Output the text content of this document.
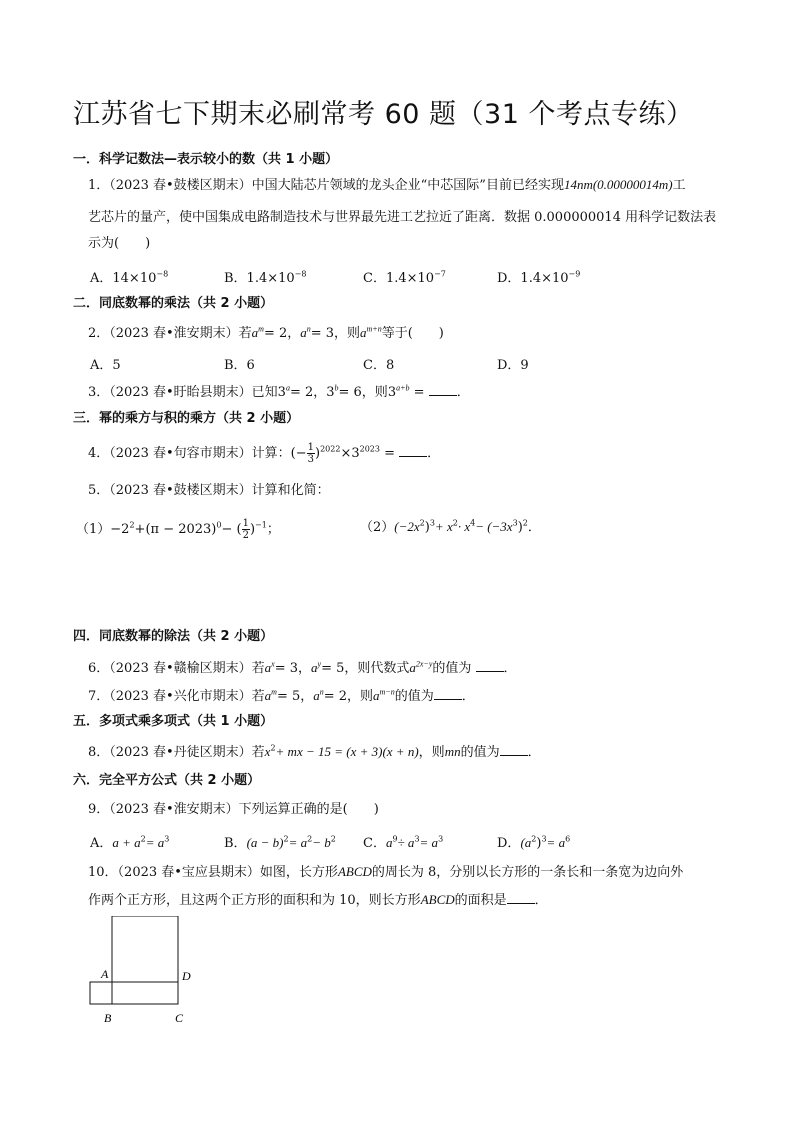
江苏省七下期末必刷常考 60 题（31 个考点专练）
一．科学记数法—表示较小的数（共 1 小题）
1．（2023 春•鼓楼区期末）中国大陆芯片领域的龙头企业“中芯国际”目前已经实现14nm(0.00000014m)工
艺芯片的量产，使中国集成电路制造技术与世界最先进工艺拉近了距离．数据 0.000000014 用科学记数法表
示为(　　)
A．$14\times 10^{-8}$	B．$1.4\times 10^{-8}$	C．$1.4\times 10^{-7}$	D．$1.4\times 10^{-9}$
二．同底数幂的乘法（共 2 小题）
2．（2023 春•淮安期末）若$a^m= 2$，$a^n= 3$，则$a^{m+n}$等于(　　)
A．5	B．6	C．8	D．9
3．（2023 春•盱眙县期末）已知$3^a= 2$，$3^b= 6$，则$3^{a+b}$ = ．
三．幂的乘方与积的乘方（共 2 小题）
4．（2023 春•句容市期末）计算：(− $\frac{1}{3} )^{2022}\times 3^{2023}$ = ．
5．（2023 春•鼓楼区期末）计算和化简：
$(1)-2^2+(\pi - 2023)^0-$ ( $\frac{1}{2} )^{-1}$；	$(2)(-2x^2)^3+ x^2\cdot x^4- (-3x^3)^2$．
四．同底数幂的除法（共 2 小题）
6．（2023 春•赣榆区期末）若$a^x= 3$，$a^y= 5$，则代数式$a^{2x-y}$的值为 ．
7．（2023 春•兴化市期末）若$a^m= 5$，$a^n= 2$，则$a^{m-n}$的值为 ．
五．多项式乘多项式（共 1 小题）
8．（2023 春•丹徒区期末）若$x^2+$ mx − 15 = (x + 3)(x + n)，则mn的值为 ．
六．完全平方公式（共 2 小题）
9．（2023 春•淮安期末）下列运算正确的是(　　)
A．$a + a^2= a^3$	B．$(a - b)^2= a^2- b^2$ C．$a^9\div a^3= a^3$	D．$(a^2)^3= a^6$
10．（2023 春•宝应县期末）如图，长方形ABCD的周长为 8，分别以长方形的一条长和一条宽为边向外
作两个正方形，且这两个正方形的面积和为 10，则长方形ABCD的面积是 ．
A	D
B	C
